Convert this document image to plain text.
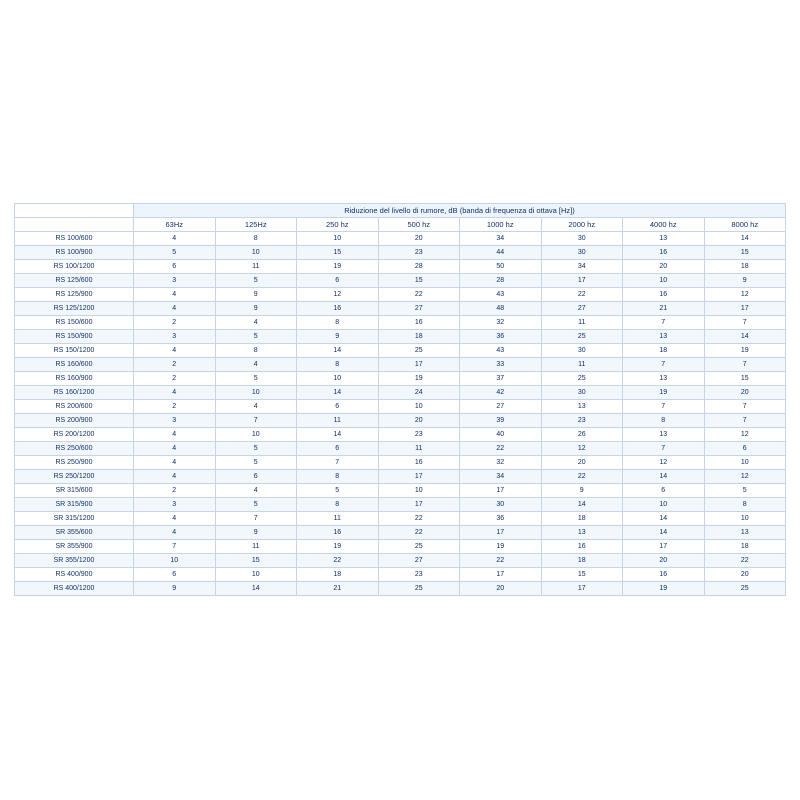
	Riduzione del livello di rumore, dB (banda di frequenza di ottava [Hz])							
	63Hz	125Hz	250 hz	500 hz	1000 hz	2000 hz	4000 hz	8000 hz
RS 100/600	4	8	10	20	34	30	13	14
RS 100/900	5	10	15	23	44	30	16	15
RS 100/1200	6	11	19	28	50	34	20	18
RS 125/600	3	5	6	15	28	17	10	9
RS 125/900	4	9	12	22	43	22	16	12
RS 125/1200	4	9	16	27	48	27	21	17
RS 150/600	2	4	8	16	32	11	7	7
RS 150/900	3	5	9	18	36	25	13	14
RS 150/1200	4	8	14	25	43	30	18	19
RS 160/600	2	4	8	17	33	11	7	7
RS 160/900	2	5	10	19	37	25	13	15
RS 160/1200	4	10	14	24	42	30	19	20
RS 200/600	2	4	6	10	27	13	7	7
RS 200/900	3	7	11	20	39	23	8	7
RS 200/1200	4	10	14	23	40	26	13	12
RS 250/600	4	5	6	11	22	12	7	6
RS 250/900	4	5	7	16	32	20	12	10
RS 250/1200	4	6	8	17	34	22	14	12
SR 315/600	2	4	5	10	17	9	6	5
SR 315/900	3	5	8	17	30	14	10	8
SR 315/1200	4	7	11	22	36	18	14	10
SR 355/600	4	9	16	22	17	13	14	13
SR 355/900	7	11	19	25	19	16	17	18
SR 355/1200	10	15	22	27	22	18	20	22
RS 400/900	6	10	18	23	17	15	16	20
RS 400/1200	9	14	21	25	20	17	19	25
